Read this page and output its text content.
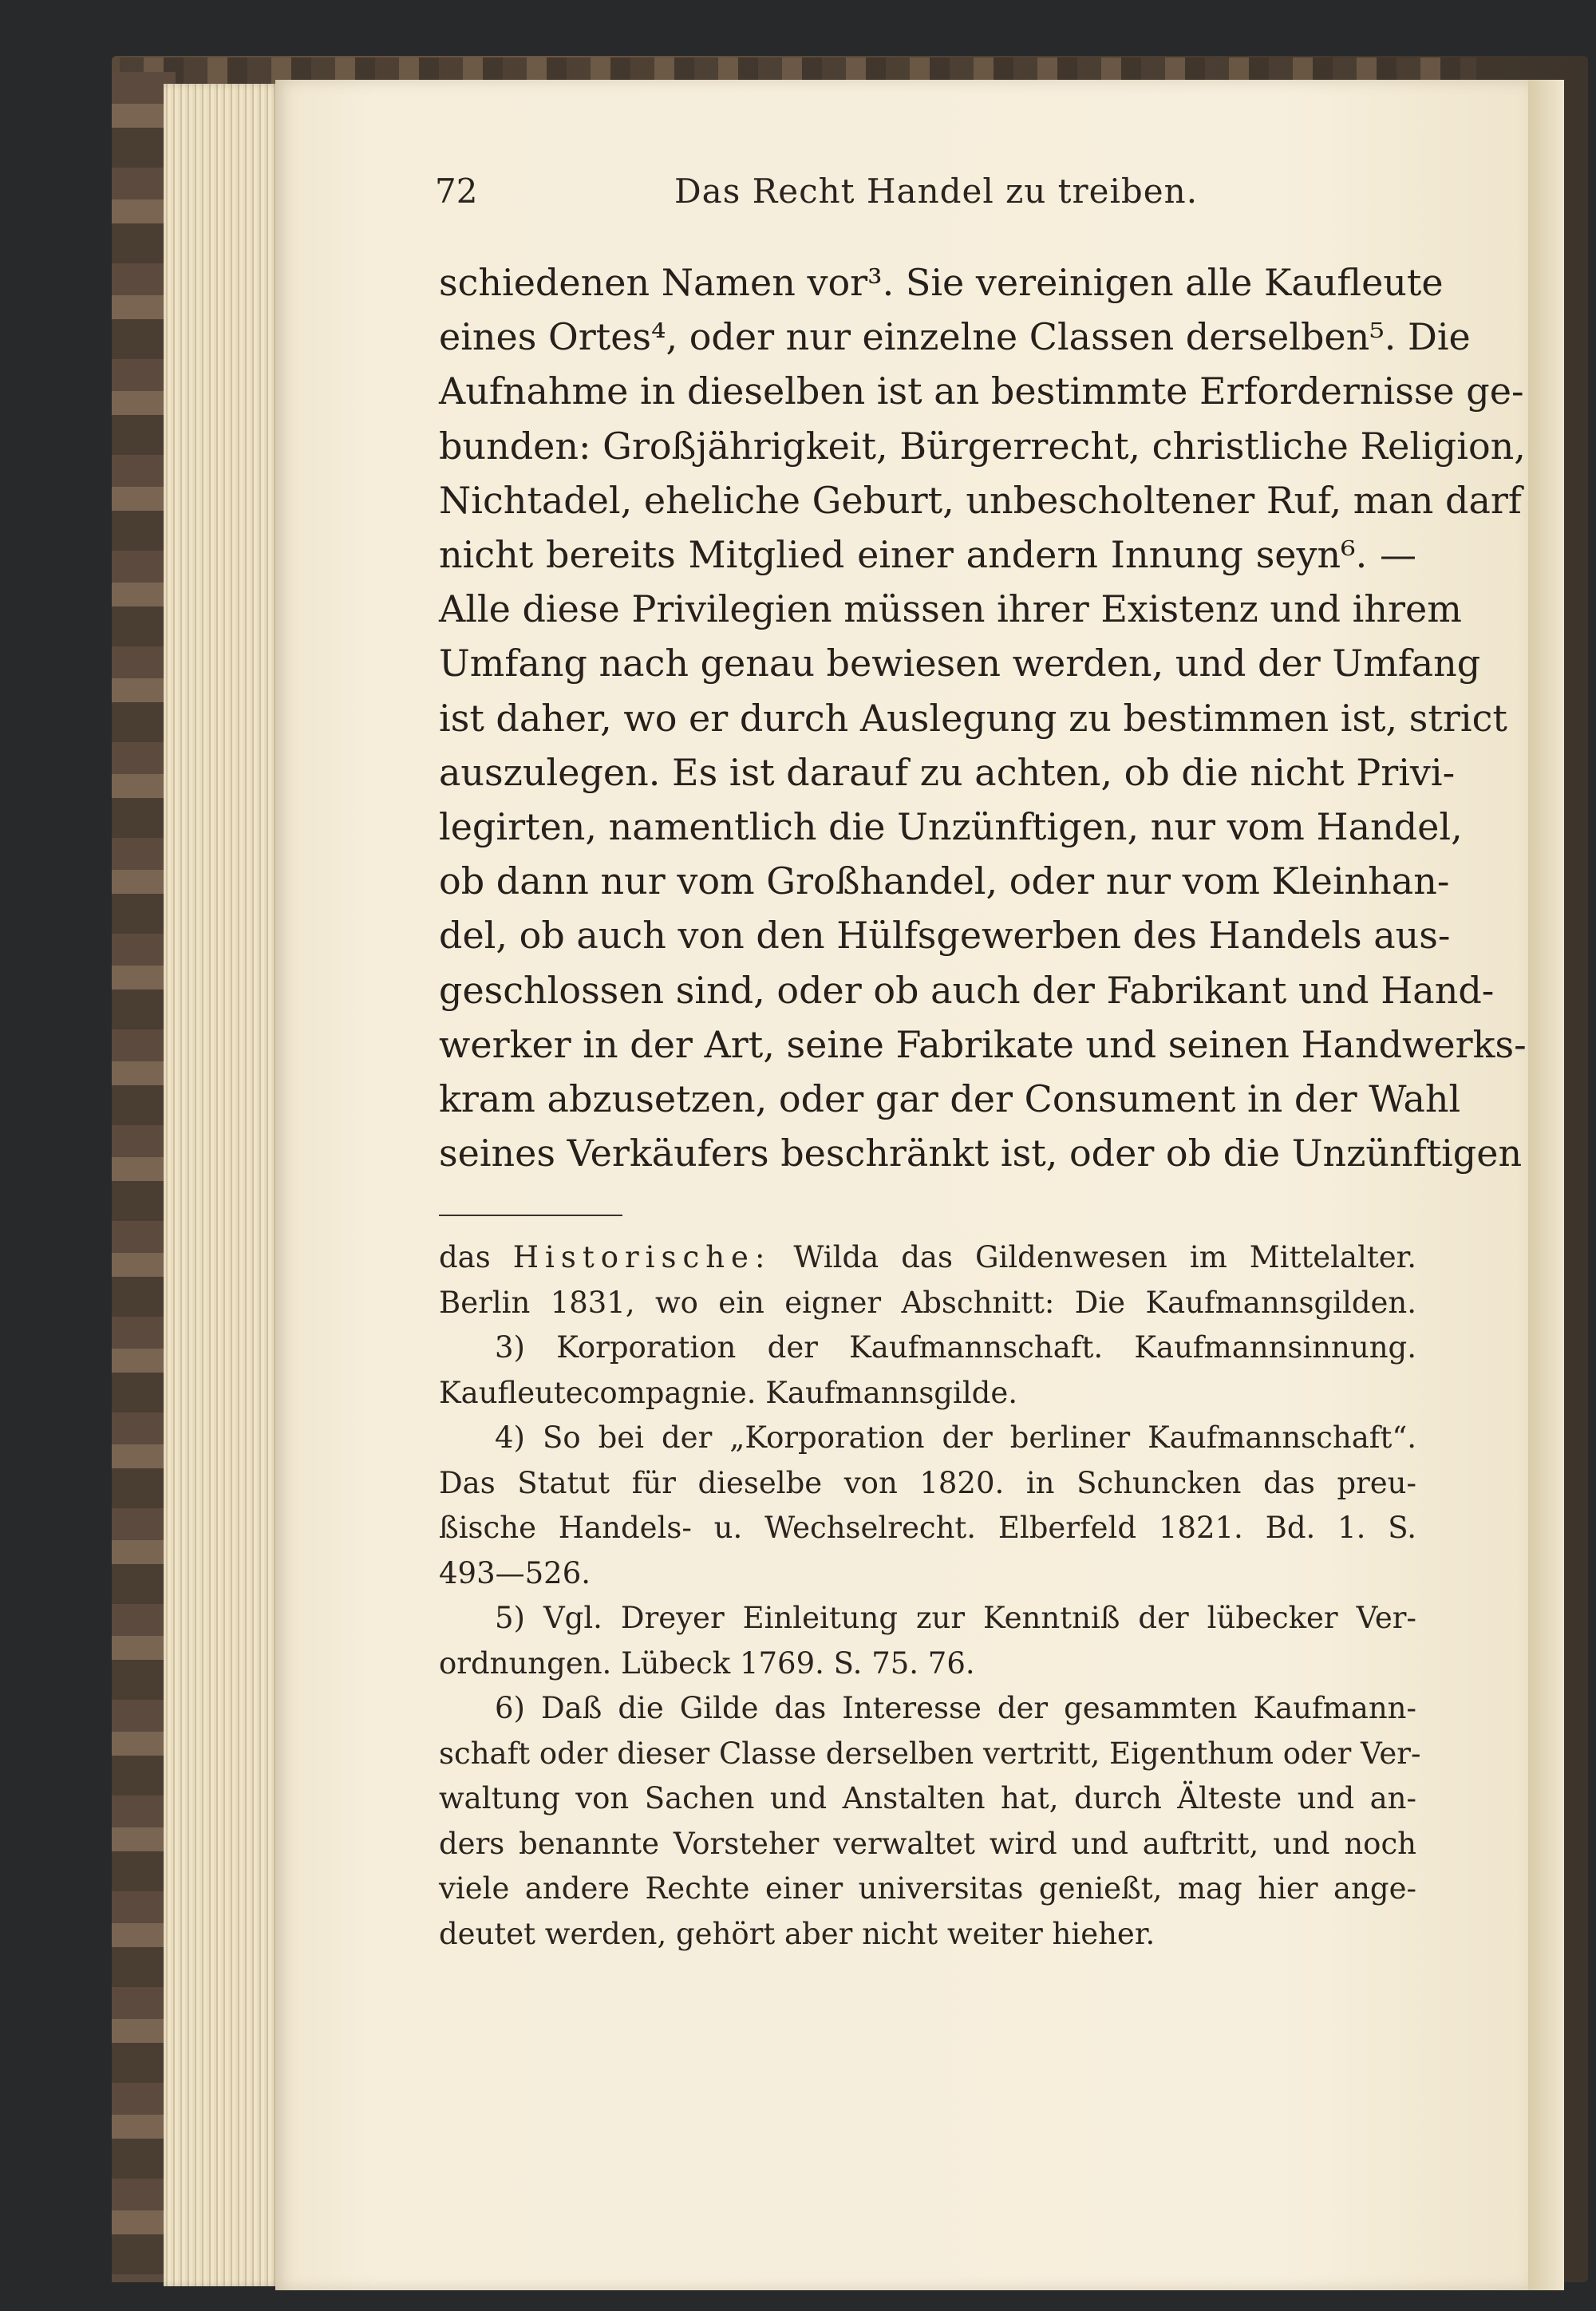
72	Das Recht Handel zu treiben.
schiedenen Namen vor³. Sie vereinigen alle Kaufleute
eines Ortes⁴, oder nur einzelne Classen derselben⁵. Die
Aufnahme in dieselben ist an bestimmte Erfordernisse ge-
bunden: Großjährigkeit, Bürgerrecht, christliche Religion,
Nichtadel, eheliche Geburt, unbescholtener Ruf, man darf
nicht bereits Mitglied einer andern Innung seyn⁶. —
Alle diese Privilegien müssen ihrer Existenz und ihrem
Umfang nach genau bewiesen werden, und der Umfang
ist daher, wo er durch Auslegung zu bestimmen ist, strict
auszulegen. Es ist darauf zu achten, ob die nicht Privi-
legirten, namentlich die Unzünftigen, nur vom Handel,
ob dann nur vom Großhandel, oder nur vom Kleinhan-
del, ob auch von den Hülfsgewerben des Handels aus-
geschlossen sind, oder ob auch der Fabrikant und Hand-
werker in der Art, seine Fabrikate und seinen Handwerks-
kram abzusetzen, oder gar der Consument in der Wahl
seines Verkäufers beschränkt ist, oder ob die Unzünftigen
das Historische: Wilda das Gildenwesen im Mittelalter.
Berlin 1831, wo ein eigner Abschnitt: Die Kaufmannsgilden.
3) Korporation der Kaufmannschaft. Kaufmannsinnung.
Kaufleutecompagnie. Kaufmannsgilde.
4) So bei der „Korporation der berliner Kaufmannschaft“.
Das Statut für dieselbe von 1820. in Schuncken das preu-
ßische Handels- u. Wechselrecht. Elberfeld 1821. Bd. 1. S.
493—526.
5) Vgl. Dreyer Einleitung zur Kenntniß der lübecker Ver-
ordnungen. Lübeck 1769. S. 75. 76.
6) Daß die Gilde das Interesse der gesammten Kaufmann-
schaft oder dieser Classe derselben vertritt, Eigenthum oder Ver-
waltung von Sachen und Anstalten hat, durch Älteste und an-
ders benannte Vorsteher verwaltet wird und auftritt, und noch
viele andere Rechte einer universitas genießt, mag hier ange-
deutet werden, gehört aber nicht weiter hieher.
